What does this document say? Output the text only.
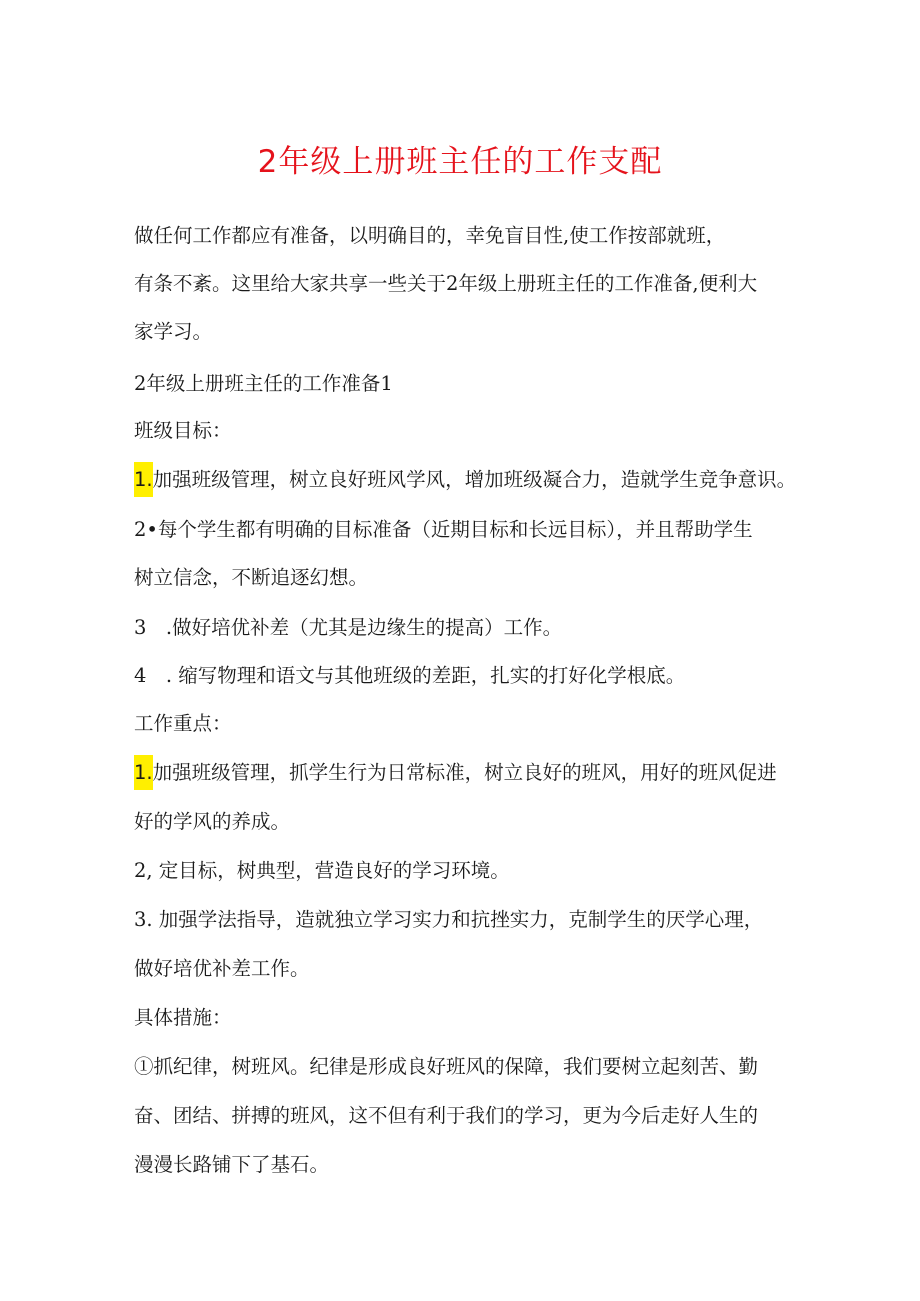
2年级上册班主任的工作支配
做任何工作都应有准备，以明确目的，幸免盲目性,使工作按部就班，
有条不紊。这里给大家共享一些关于2年级上册班主任的工作准备,便利大
家学习。
2年级上册班主任的工作准备1
班级目标：
1.加强班级管理，树立良好班风学风，增加班级凝合力，造就学生竞争意识。
2•每个学生都有明确的目标准备（近期目标和长远目标），并且帮助学生
树立信念，不断追逐幻想。
3　.做好培优补差（尤其是边缘生的提高）工作。
4　. 缩写物理和语文与其他班级的差距，扎实的打好化学根底。
工作重点：
1.加强班级管理，抓学生行为日常标准，树立良好的班风，用好的班风促进
好的学风的养成。
2, 定目标，树典型，营造良好的学习环境。
3. 加强学法指导，造就独立学习实力和抗挫实力，克制学生的厌学心理，
做好培优补差工作。
具体措施：
①抓纪律，树班风。纪律是形成良好班风的保障，我们要树立起刻苦、勤
奋、团结、拼搏的班风，这不但有利于我们的学习，更为今后走好人生的
漫漫长路铺下了基石。
